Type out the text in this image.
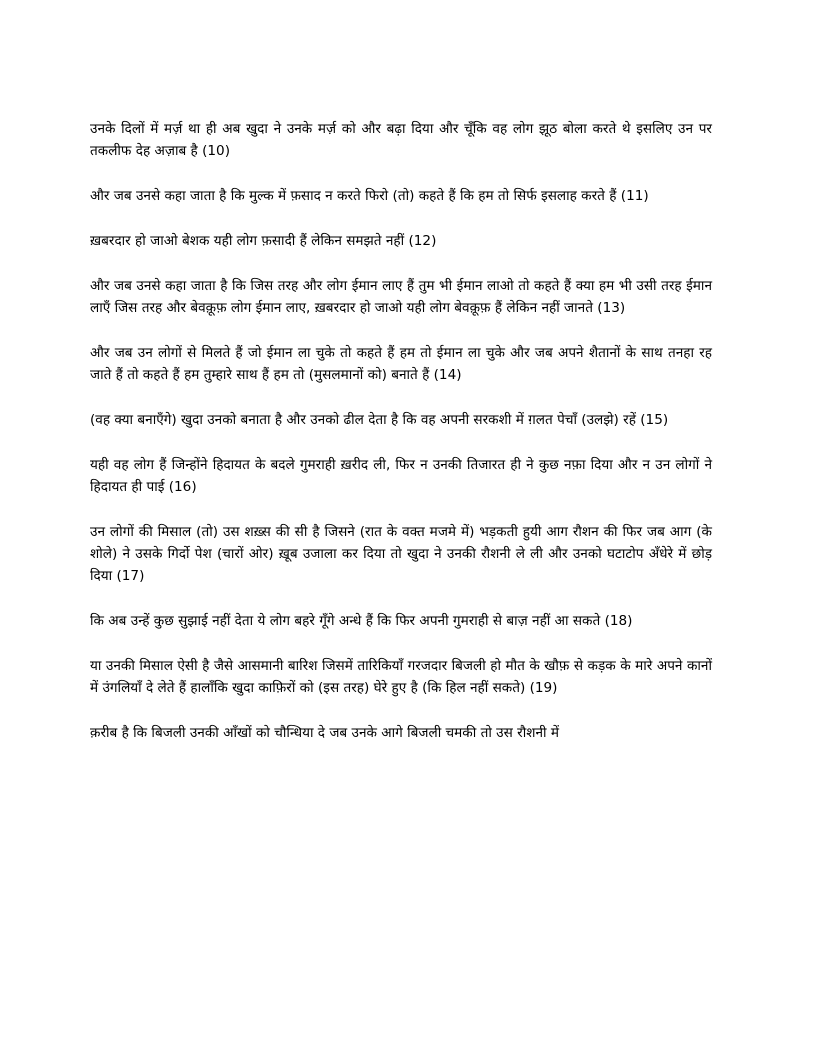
उनके दिलों में मर्ज़ था ही अब खुदा ने उनके मर्ज़ को और बढ़ा दिया और चूँकि वह लोग झूठ बोला करते थे इसलिए उन पर तकलीफ देह अज़ाब है (10)

और जब उनसे कहा जाता है कि मुल्क में फ़साद न करते फिरो (तो) कहते हैं कि हम तो सिर्फ इसलाह करते हैं (11)

ख़बरदार हो जाओ बेशक यही लोग फ़सादी हैं लेकिन समझते नहीं (12)

और जब उनसे कहा जाता है कि जिस तरह और लोग ईमान लाए हैं तुम भी ईमान लाओ तो कहते हैं क्या हम भी उसी तरह ईमान लाएँ जिस तरह और बेवक़ूफ़ लोग ईमान लाए, ख़बरदार हो जाओ यही लोग बेवक़ूफ़ हैं लेकिन नहीं जानते (13)

और जब उन लोगों से मिलते हैं जो ईमान ला चुके तो कहते हैं हम तो ईमान ला चुके और जब अपने शैतानों के साथ तनहा रह जाते हैं तो कहते हैं हम तुम्हारे साथ हैं हम तो (मुसलमानों को) बनाते हैं (14)

(वह क्या बनाएँगे) खुदा उनको बनाता है और उनको ढील देता है कि वह अपनी सरकशी में ग़लत पेचाँ (उलझे) रहें (15)

यही वह लोग हैं जिन्होंने हिदायत के बदले गुमराही ख़रीद ली, फिर न उनकी तिजारत ही ने कुछ नफ़ा दिया और न उन लोगों ने हिदायत ही पाई (16)

उन लोगों की मिसाल (तो) उस शख़्स की सी है जिसने (रात के वक्त मजमे में) भड़कती हुयी आग रौशन की फिर जब आग (के शोले) ने उसके गिर्दो पेश (चारों ओर) ख़ूब उजाला कर दिया तो खुदा ने उनकी रौशनी ले ली और उनको घटाटोप अँधेरे में छोड़ दिया (17)

कि अब उन्हें कुछ सुझाई नहीं देता ये लोग बहरे गूँगे अन्धे हैं कि फिर अपनी गुमराही से बाज़ नहीं आ सकते (18)

या उनकी मिसाल ऐसी है जैसे आसमानी बारिश जिसमें तारिकियाँ गरजदार बिजली हो मौत के खौफ़ से कड़क के मारे अपने कानों में उंगलियाँ दे लेते हैं हालाँकि खुदा काफ़िरों को (इस तरह) घेरे हुए है (कि हिल नहीं सकते) (19)

क़रीब है कि बिजली उनकी आँखों को चौन्धिया दे जब उनके आगे बिजली चमकी तो उस रौशनी में
